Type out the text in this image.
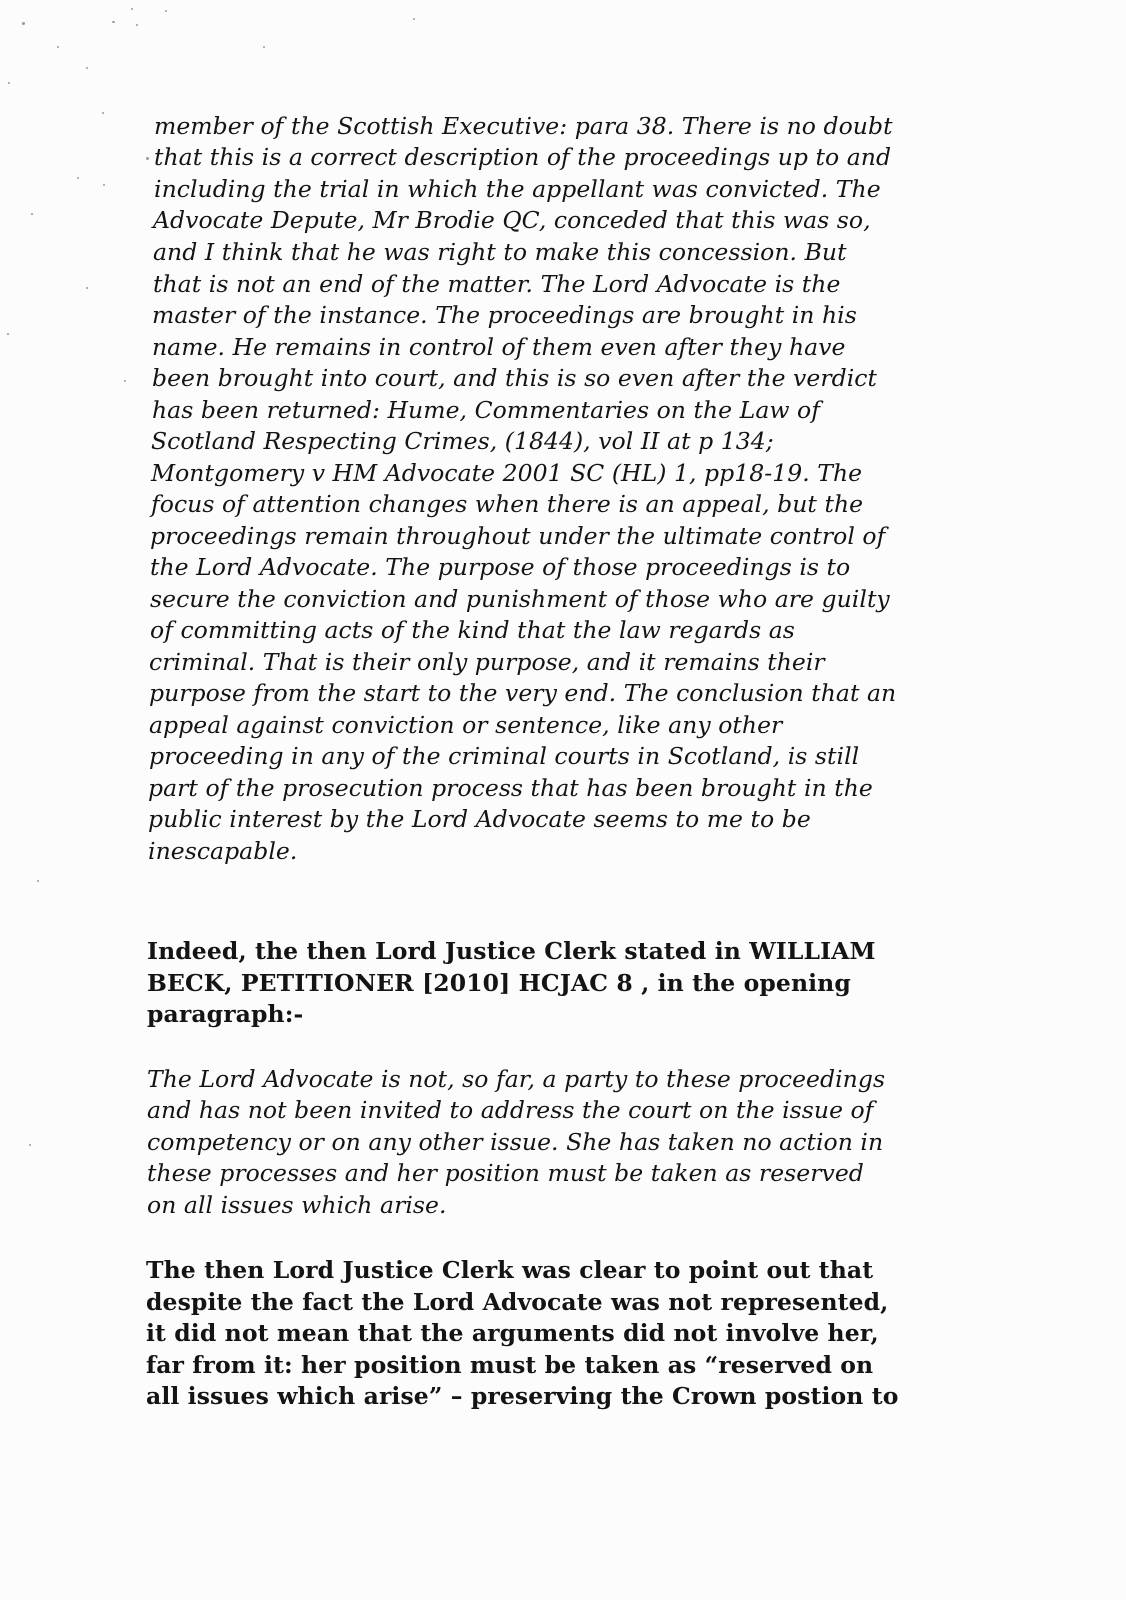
member of the Scottish Executive: para 38. There is no doubt
that this is a correct description of the proceedings up to and
including the trial in which the appellant was convicted. The
Advocate Depute, Mr Brodie QC, conceded that this was so,
and I think that he was right to make this concession. But
that is not an end of the matter. The Lord Advocate is the
master of the instance. The proceedings are brought in his
name. He remains in control of them even after they have
been brought into court, and this is so even after the verdict
has been returned: Hume, Commentaries on the Law of
Scotland Respecting Crimes, (1844), vol II at p 134;
Montgomery v HM Advocate 2001 SC (HL) 1, pp18-19. The
focus of attention changes when there is an appeal, but the
proceedings remain throughout under the ultimate control of
the Lord Advocate. The purpose of those proceedings is to
secure the conviction and punishment of those who are guilty
of committing acts of the kind that the law regards as
criminal. That is their only purpose, and it remains their
purpose from the start to the very end. The conclusion that an
appeal against conviction or sentence, like any other
proceeding in any of the criminal courts in Scotland, is still
part of the prosecution process that has been brought in the
public interest by the Lord Advocate seems to me to be
inescapable.
Indeed, the then Lord Justice Clerk stated in WILLIAM
BECK, PETITIONER [2010] HCJAC 8 , in the opening
paragraph:-
The Lord Advocate is not, so far, a party to these proceedings
and has not been invited to address the court on the issue of
competency or on any other issue. She has taken no action in
these processes and her position must be taken as reserved
on all issues which arise.
The then Lord Justice Clerk was clear to point out that
despite the fact the Lord Advocate was not represented,
it did not mean that the arguments did not involve her,
far from it: her position must be taken as “reserved on
all issues which arise” – preserving the Crown postion to
